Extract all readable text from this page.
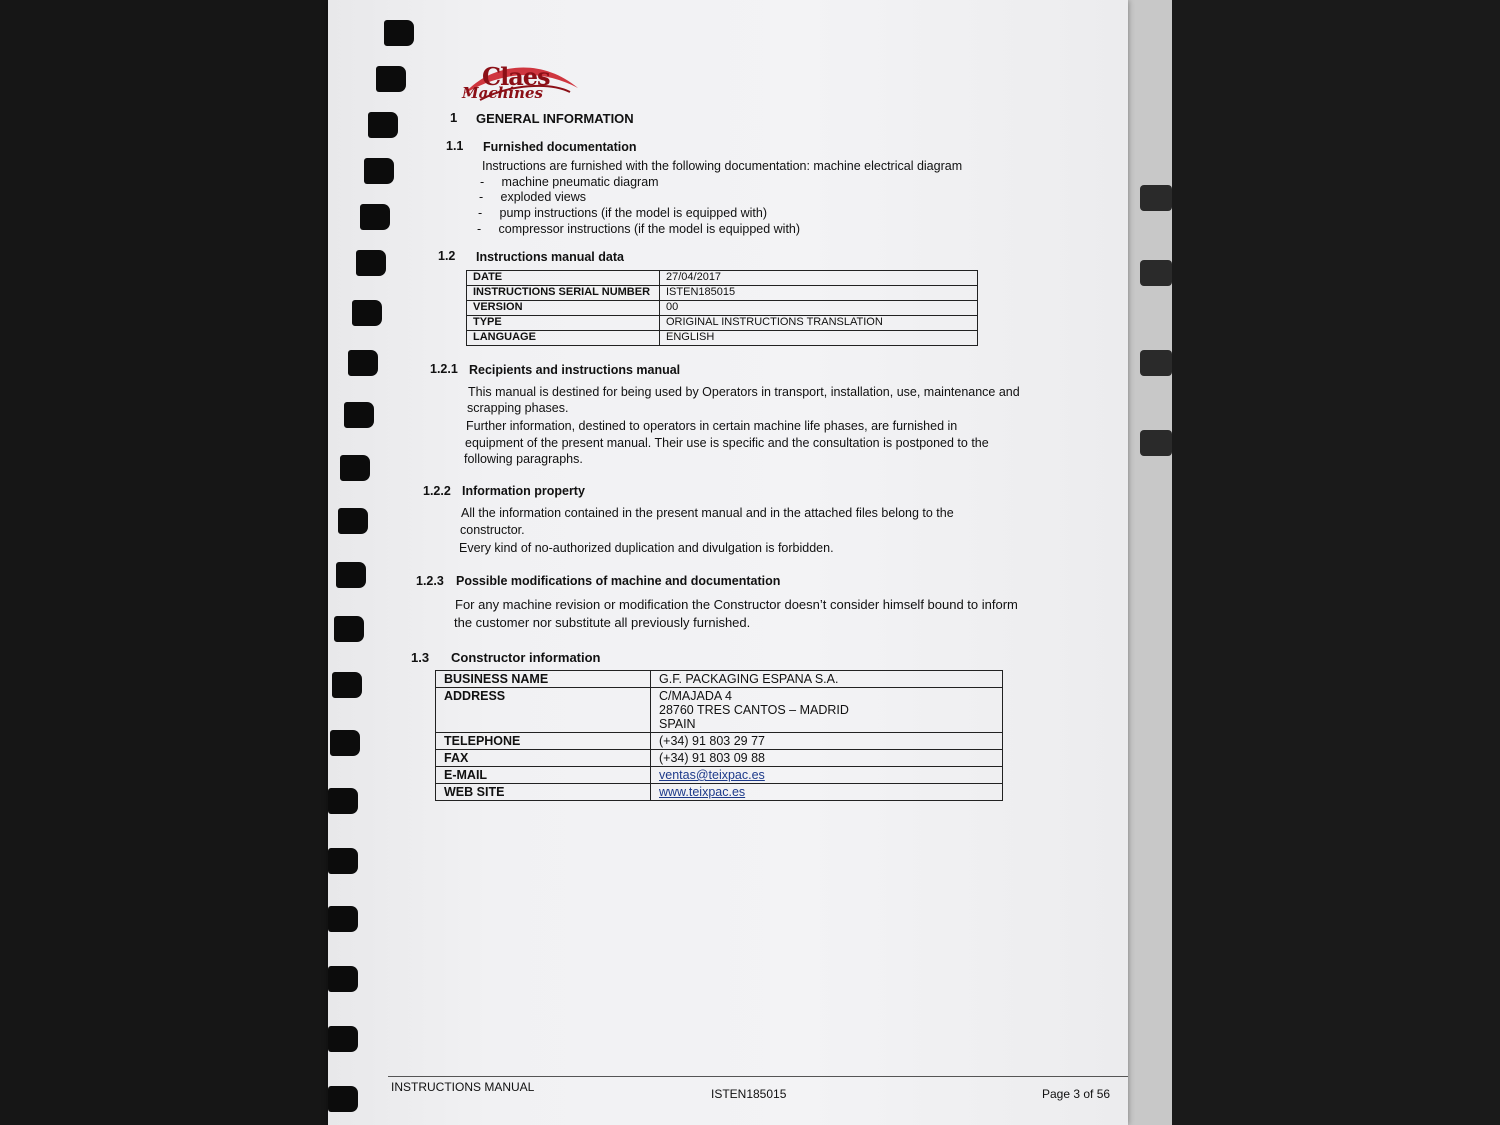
Claes
Machines
1 GENERAL INFORMATION
1.1 Furnished documentation
Instructions are furnished with the following documentation: machine electrical diagram
-     machine pneumatic diagram
-     exploded views
-     pump instructions (if the model is equipped with)
-     compressor instructions (if the model is equipped with)
1.2 Instructions manual data
DATE	27/04/2017
INSTRUCTIONS SERIAL NUMBER	ISTEN185015
VERSION	00
TYPE	ORIGINAL INSTRUCTIONS TRANSLATION
LANGUAGE	ENGLISH
1.2.1 Recipients and instructions manual
This manual is destined for being used by Operators in transport, installation, use, maintenance and
scrapping phases.
Further information, destined to operators in certain machine life phases, are furnished in
equipment of the present manual. Their use is specific and the consultation is postponed to the
following paragraphs.
1.2.2 Information property
All the information contained in the present manual and in the attached files belong to the
constructor.
Every kind of no-authorized duplication and divulgation is forbidden.
1.2.3 Possible modifications of machine and documentation
For any machine revision or modification the Constructor doesn’t consider himself bound to inform
the customer nor substitute all previously furnished.
1.3 Constructor information
BUSINESS NAME	G.F. PACKAGING ESPANA S.A.
ADDRESS	C/MAJADA 4
28760 TRES CANTOS – MADRID
SPAIN

TELEPHONE	(+34) 91 803 29 77
FAX	(+34) 91 803 09 88
E-MAIL	ventas@teixpac.es
WEB SITE	www.teixpac.es
INSTRUCTIONS MANUAL	ISTEN185015	Page 3 of 56
